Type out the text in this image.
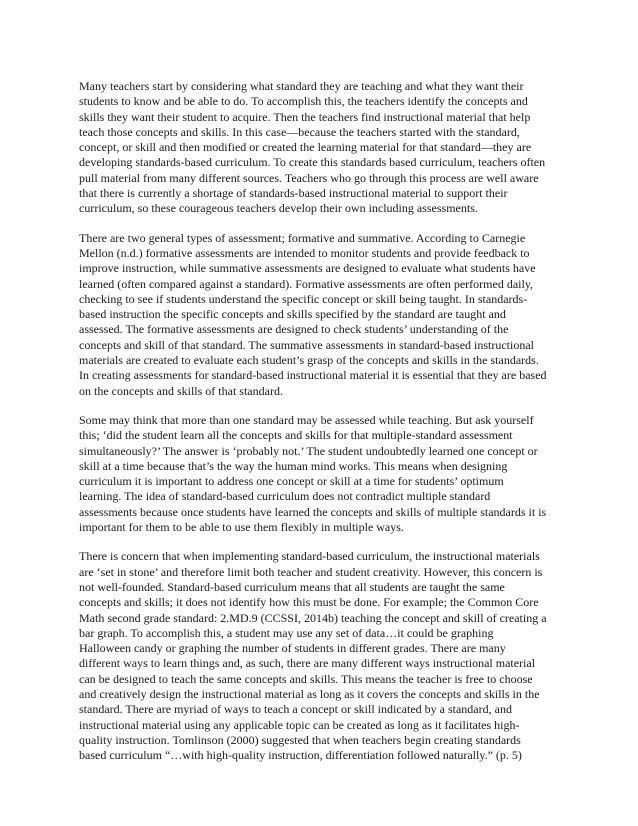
Many teachers start by considering what standard they are teaching and what they want their
students to know and be able to do. To accomplish this, the teachers identify the concepts and
skills they want their student to acquire. Then the teachers find instructional material that help
teach those concepts and skills. In this case—because the teachers started with the standard,
concept, or skill and then modified or created the learning material for that standard—they are
developing standards-based curriculum. To create this standards based curriculum, teachers often
pull material from many different sources. Teachers who go through this process are well aware
that there is currently a shortage of standards-based instructional material to support their
curriculum, so these courageous teachers develop their own including assessments.

There are two general types of assessment; formative and summative. According to Carnegie
Mellon (n.d.) formative assessments are intended to monitor students and provide feedback to
improve instruction, while summative assessments are designed to evaluate what students have
learned (often compared against a standard). Formative assessments are often performed daily,
checking to see if students understand the specific concept or skill being taught. In standards-
based instruction the specific concepts and skills specified by the standard are taught and
assessed. The formative assessments are designed to check students’ understanding of the
concepts and skill of that standard. The summative assessments in standard-based instructional
materials are created to evaluate each student’s grasp of the concepts and skills in the standards.
In creating assessments for standard-based instructional material it is essential that they are based
on the concepts and skills of that standard.

Some may think that more than one standard may be assessed while teaching. But ask yourself
this; ‘did the student learn all the concepts and skills for that multiple-standard assessment
simultaneously?’ The answer is ‘probably not.’ The student undoubtedly learned one concept or
skill at a time because that’s the way the human mind works. This means when designing
curriculum it is important to address one concept or skill at a time for students’ optimum
learning. The idea of standard-based curriculum does not contradict multiple standard
assessments because once students have learned the concepts and skills of multiple standards it is
important for them to be able to use them flexibly in multiple ways.

There is concern that when implementing standard-based curriculum, the instructional materials
are ‘set in stone’ and therefore limit both teacher and student creativity. However, this concern is
not well-founded. Standard-based curriculum means that all students are taught the same
concepts and skills; it does not identify how this must be done. For example; the Common Core
Math second grade standard: 2.MD.9 (CCSSI, 2014b) teaching the concept and skill of creating a
bar graph. To accomplish this, a student may use any set of data…it could be graphing
Halloween candy or graphing the number of students in different grades. There are many
different ways to learn things and, as such, there are many different ways instructional material
can be designed to teach the same concepts and skills. This means the teacher is free to choose
and creatively design the instructional material as long as it covers the concepts and skills in the
standard. There are myriad of ways to teach a concept or skill indicated by a standard, and
instructional material using any applicable topic can be created as long as it facilitates high-
quality instruction. Tomlinson (2000) suggested that when teachers begin creating standards
based curriculum “…with high-quality instruction, differentiation followed naturally.” (p. 5)
